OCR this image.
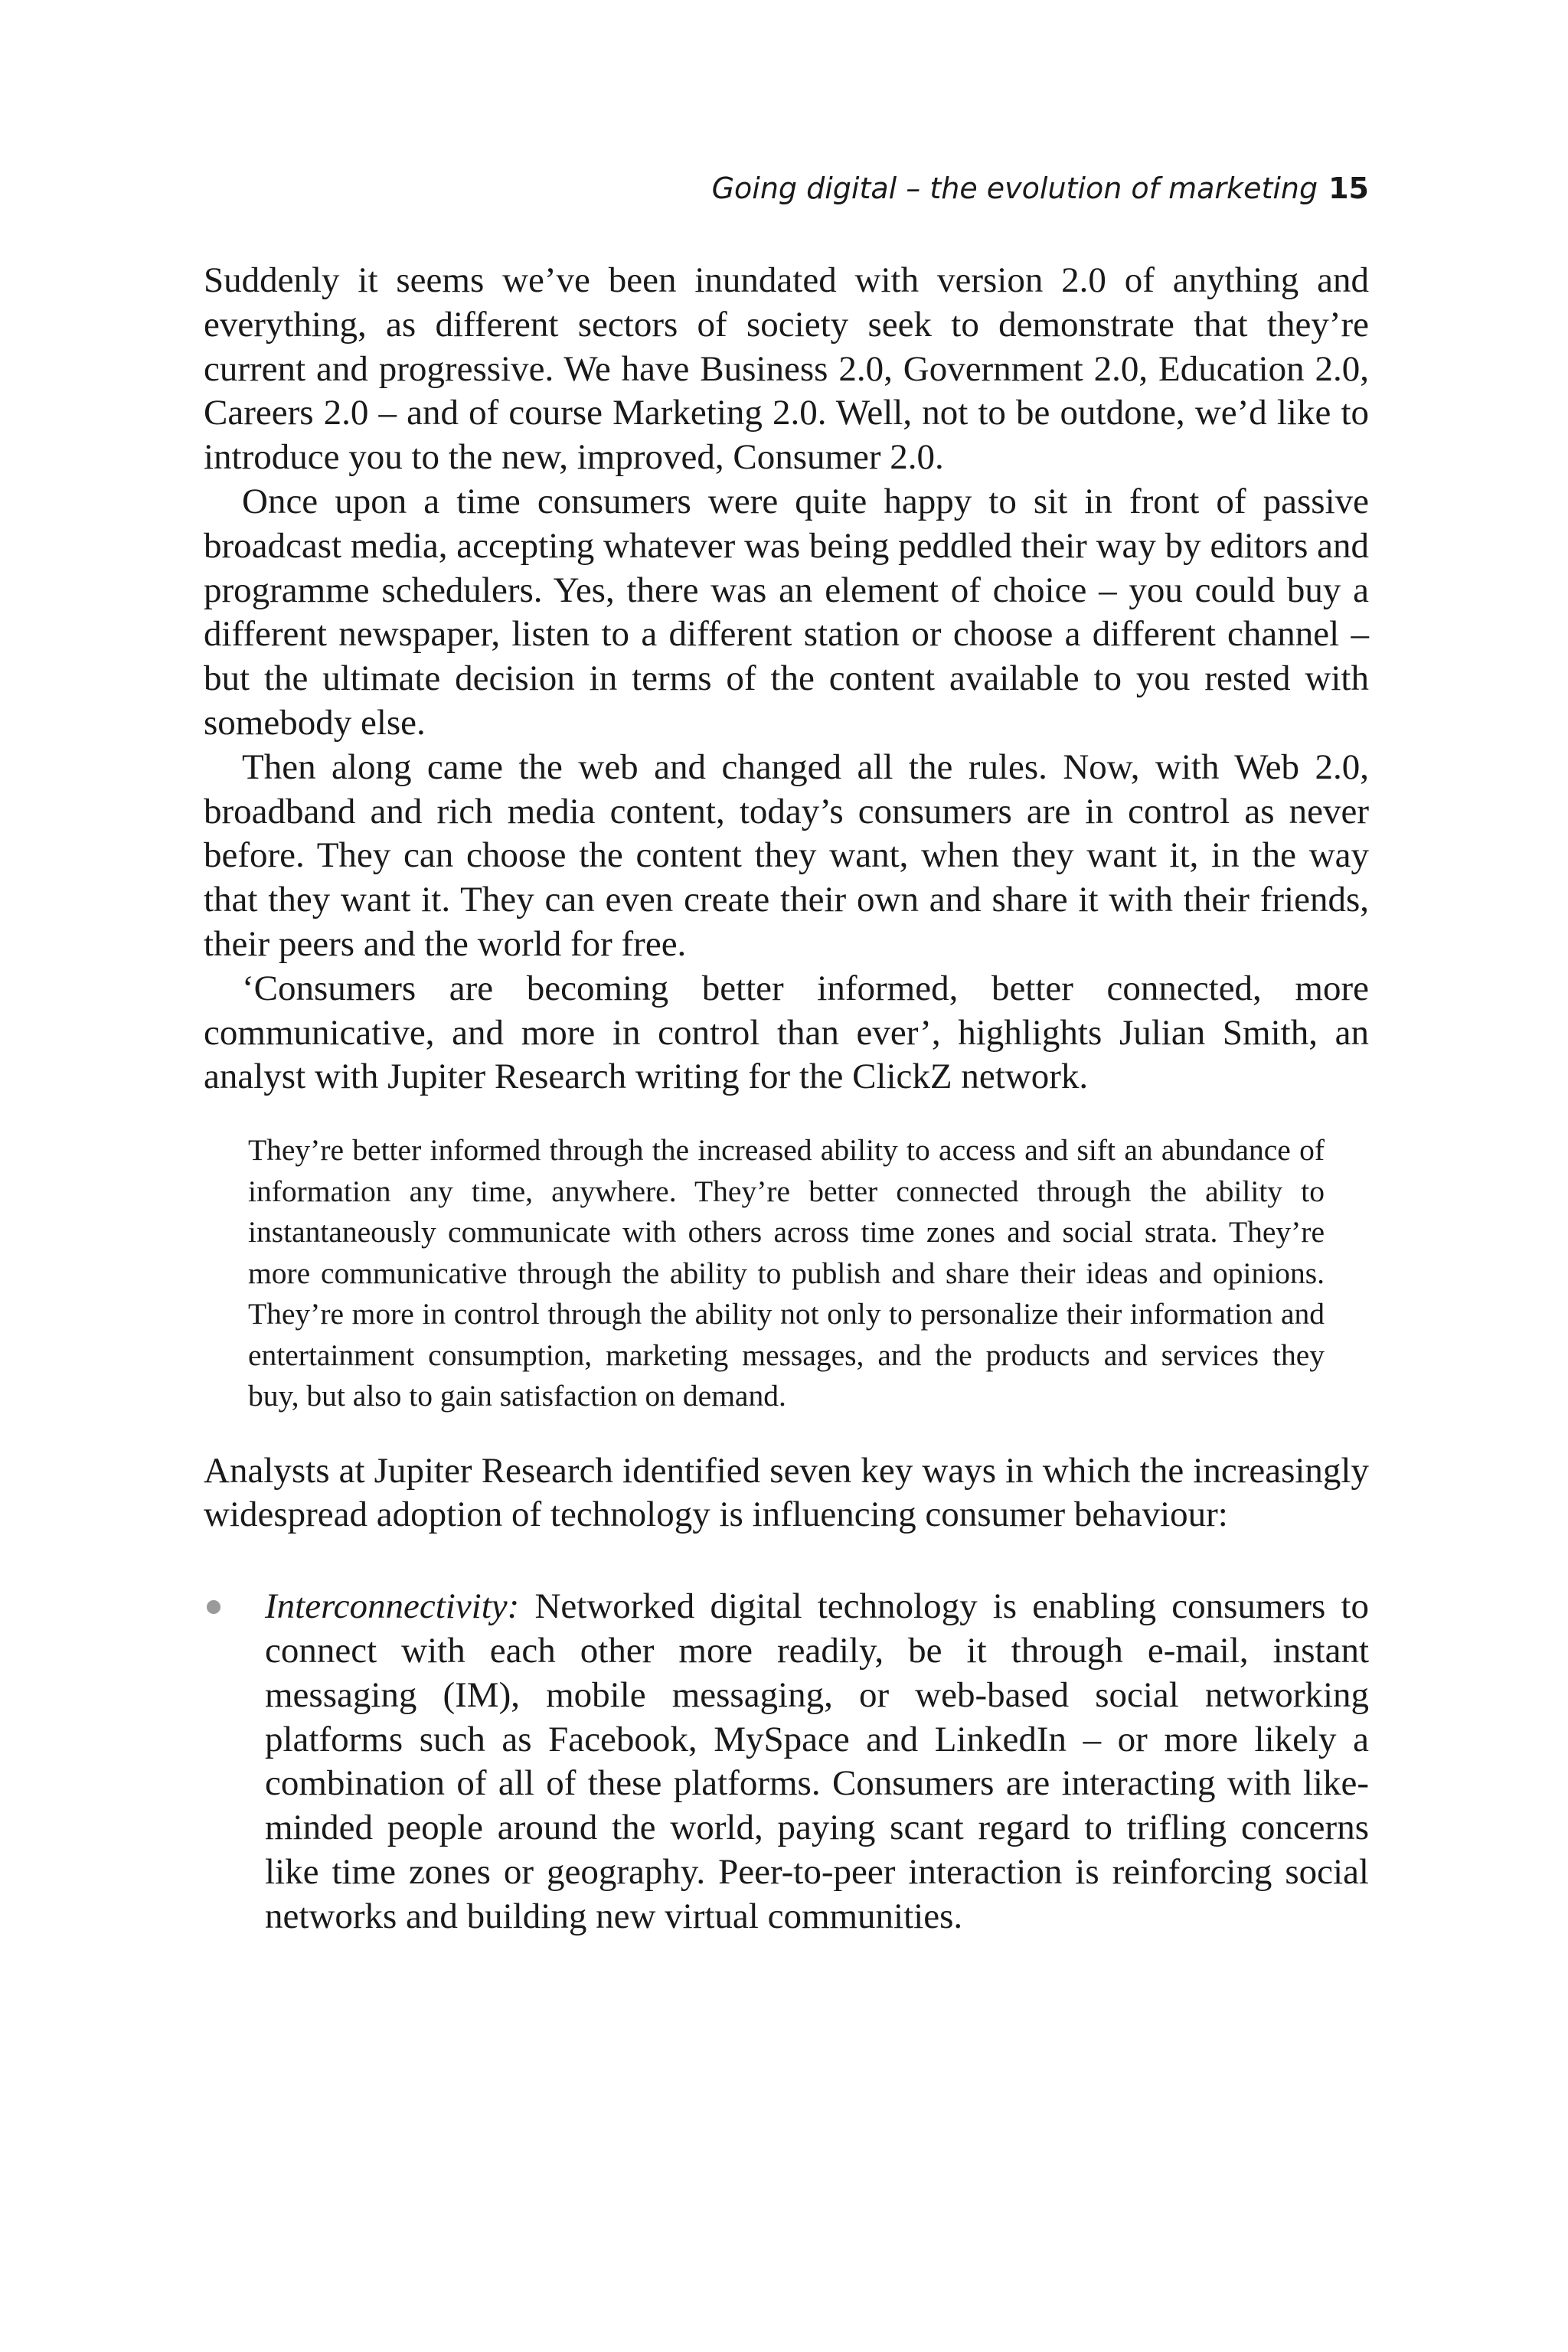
Going digital – the evolution of marketing 15

Suddenly it seems we’ve been inundated with version 2.0 of anything and everything, as different sectors of society seek to demonstrate that they’re current and progressive. We have Business 2.0, Government 2.0, Education 2.0, Careers 2.0 – and of course Marketing 2.0. Well, not to be outdone, we’d like to introduce you to the new, improved, Consumer 2.0.

Once upon a time consumers were quite happy to sit in front of passive broadcast media, accepting whatever was being peddled their way by editors and programme schedulers. Yes, there was an element of choice – you could buy a different newspaper, listen to a different station or choose a different channel – but the ultimate decision in terms of the content available to you rested with somebody else.

Then along came the web and changed all the rules. Now, with Web 2.0, broadband and rich media content, today’s consumers are in control as never before. They can choose the content they want, when they want it, in the way that they want it. They can even create their own and share it with their friends, their peers and the world for free.

‘Consumers are becoming better informed, better connected, more communicative, and more in control than ever’, highlights Julian Smith, an analyst with Jupiter Research writing for the ClickZ network.

They’re better informed through the increased ability to access and sift an abundance of information any time, anywhere. They’re better connected through the ability to instantaneously communicate with others across time zones and social strata. They’re more communicative through the ability to publish and share their ideas and opinions. They’re more in control through the ability not only to personalize their information and entertainment consumption, marketing messages, and the products and services they buy, but also to gain satisfaction on demand.

Analysts at Jupiter Research identified seven key ways in which the increasingly widespread adoption of technology is influencing consumer behaviour:

Interconnectivity: Networked digital technology is enabling consumers to connect with each other more readily, be it through e-mail, instant messaging (IM), mobile messaging, or web-based social networking platforms such as Facebook, MySpace and LinkedIn – or more likely a combination of all of these platforms. Consumers are interacting with like-minded people around the world, paying scant regard to trifling concerns like time zones or geography. Peer-to-peer interaction is reinforcing social networks and building new virtual communities.
